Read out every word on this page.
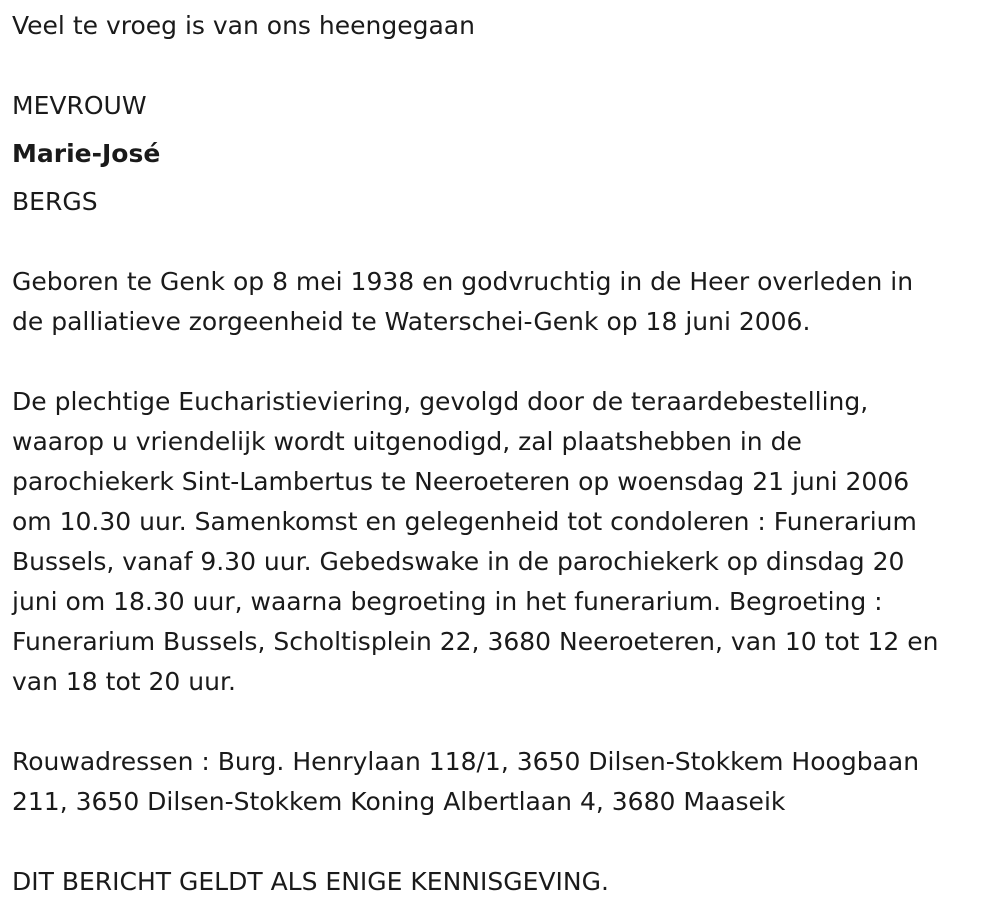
Veel te vroeg is van ons heengegaan

MEVROUW

Marie-José

BERGS

Geboren te Genk op 8 mei 1938 en godvruchtig in de Heer overleden in

de palliatieve zorgeenheid te Waterschei-Genk op 18 juni 2006.

De plechtige Eucharistieviering, gevolgd door de teraardebestelling,

waarop u vriendelijk wordt uitgenodigd, zal plaatshebben in de

parochiekerk Sint-Lambertus te Neeroeteren op woensdag 21 juni 2006

om 10.30 uur. Samenkomst en gelegenheid tot condoleren : Funerarium

Bussels, vanaf 9.30 uur. Gebedswake in de parochiekerk op dinsdag 20

juni om 18.30 uur, waarna begroeting in het funerarium. Begroeting :

Funerarium Bussels, Scholtisplein 22, 3680 Neeroeteren, van 10 tot 12 en

van 18 tot 20 uur.

Rouwadressen : Burg. Henrylaan 118/1, 3650 Dilsen-Stokkem Hoogbaan

211, 3650 Dilsen-Stokkem Koning Albertlaan 4, 3680 Maaseik

DIT BERICHT GELDT ALS ENIGE KENNISGEVING.
